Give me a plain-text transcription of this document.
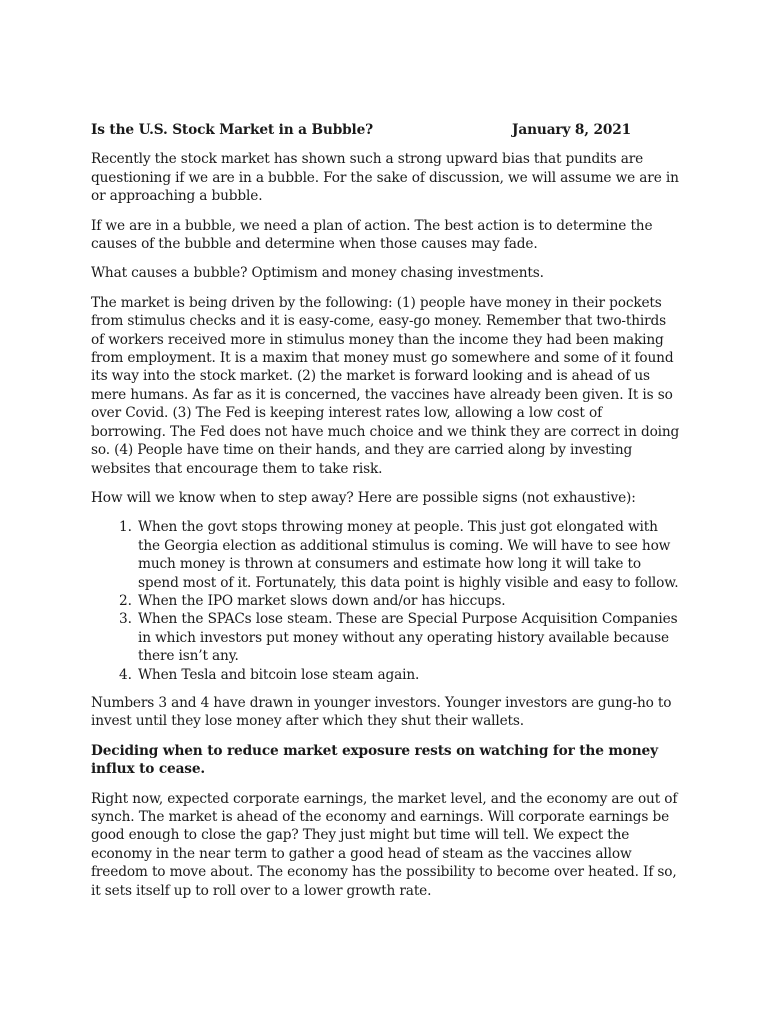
Is the U.S. Stock Market in a Bubble?	January 8, 2021

Recently the stock market has shown such a strong upward bias that pundits are questioning if we are in a bubble. For the sake of discussion, we will assume we are in or approaching a bubble.

If we are in a bubble, we need a plan of action. The best action is to determine the causes of the bubble and determine when those causes may fade.

What causes a bubble? Optimism and money chasing investments.

The market is being driven by the following: (1) people have money in their pockets from stimulus checks and it is easy-come, easy-go money. Remember that two-thirds of workers received more in stimulus money than the income they had been making from employment. It is a maxim that money must go somewhere and some of it found its way into the stock market. (2) the market is forward looking and is ahead of us mere humans. As far as it is concerned, the vaccines have already been given. It is so over Covid. (3) The Fed is keeping interest rates low, allowing a low cost of borrowing. The Fed does not have much choice and we think they are correct in doing so. (4) People have time on their hands, and they are carried along by investing websites that encourage them to take risk.

How will we know when to step away? Here are possible signs (not exhaustive):

1. When the govt stops throwing money at people. This just got elongated with the Georgia election as additional stimulus is coming. We will have to see how much money is thrown at consumers and estimate how long it will take to spend most of it. Fortunately, this data point is highly visible and easy to follow.
2. When the IPO market slows down and/or has hiccups.
3. When the SPACs lose steam. These are Special Purpose Acquisition Companies in which investors put money without any operating history available because there isn’t any.
4. When Tesla and bitcoin lose steam again.

Numbers 3 and 4 have drawn in younger investors. Younger investors are gung-ho to invest until they lose money after which they shut their wallets.

Deciding when to reduce market exposure rests on watching for the money influx to cease.

Right now, expected corporate earnings, the market level, and the economy are out of synch. The market is ahead of the economy and earnings. Will corporate earnings be good enough to close the gap? They just might but time will tell. We expect the economy in the near term to gather a good head of steam as the vaccines allow freedom to move about. The economy has the possibility to become over heated. If so, it sets itself up to roll over to a lower growth rate.
